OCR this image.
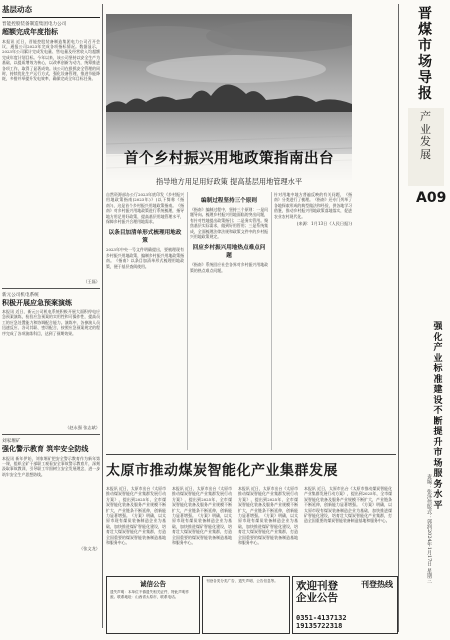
基层动态
晋能控股装备制造集团电力公司
超额完成年度指标

本报讯 近日，晋能控股装备制造集团电力公司召开会议，通报公司2023年完成各项指标情况。数据显示，2023年公司累计完成发电量、售电量及经营收入均超额完成年度计划目标。今年以来，该公司坚持以安全生产为基础，以提质增效为核心，以改革创新为动力，统筹推进各项工作，取得了显著成效。该公司在狠抓安全管理的同时，持续优化生产运行方式，强化设备管理，推进节能降耗，多措并举提升发电效率，确保完成全年目标任务。

（王磊）
新元公司机电系统
积极开展应急预案演练

本报讯 近日，新元公司机电系统积极开展大面积停电应急预案演练，检验应急预案的实用性和可操作性，提高员工的应急处置能力和协调配合能力。演练中，各参演人员迅速反应、各司其职、密切配合，按照应急预案规定的程序完成了各项演练科目，达到了预期效果。

（赵永强 张志斌）
刘家堰矿
强化警示教育 筑牢安全防线

本报讯 新年伊始，刘家堰矿把安全警示教育作为新年第一课，组织全矿干部职工观看安全事故警示教育片，深刻汲取事故教训，引导职工牢固树立安全发展理念，进一步筑牢安全生产思想防线。

（张文龙）
首个乡村振兴用地政策指南出台
指导地方用足用好政策 提高基层用地管理水平

自然资源部办公厅2023年底印发《乡村振兴用地政策指南(2023年)》(以下简称《指南》)，这是首个乡村振兴用地政策指南。《指南》对乡村振兴用地政策进行系统梳理，指导地方用足用好政策，提高基层用地管理水平，保障乡村振兴合理用地需求。

以条目加清单形式梳理用地政策

2023年中央一号文件明确提出，要梳理现有乡村振兴用地政策，编制乡村振兴用地政策指南。《指南》以条目加清单形式梳理用地政策，便于基层查阅使用。

编制过程坚持三个原则

《指南》编制过程中，坚持三个原则：一是问题导向。梳理乡村振兴用地面临的突出问题，有针对性地提出政策指引；二是务实管用。聚焦基层实际需求，做到好用管用；三是系统集成，全面梳理法律法规和政策文件中的乡村振兴用地政策规定。

回应乡村振兴用地热点难点问题

《指南》系统回应社会各界对乡村振兴用地政策的热点难点问题。

针对用地中地方普遍反映的有关问题，《指南》分类进行了梳理。《指南》还专门列举了各地探索形成的典型做法和经验，供各地学习借鉴，推动乡村振兴用地政策落地落实，促进农业农村现代化。

(来源：1月13日《人民日报》)
太原市推动煤炭智能化产业集群发展

本报讯 近日，太原市出台《太原市推动煤炭智能化产业集群发展行动方案》，提出到2025年，全市煤炭智能化装备及服务产业规模不断扩大，产业链条不断延伸，创新能力显著增强。《方案》明确，以太原市现有煤炭装备制造企业为基础，加快推进煤矿智能化建设，培育壮大煤炭智能化产业集群，打造全国重要的煤炭智能装备制造基地和服务中心。

本报讯 近日，太原市出台《太原市推动煤炭智能化产业集群发展行动方案》，提出到2025年，全市煤炭智能化装备及服务产业规模不断扩大，产业链条不断延伸，创新能力显著增强。《方案》明确，以太原市现有煤炭装备制造企业为基础，加快推进煤矿智能化建设，培育壮大煤炭智能化产业集群，打造全国重要的煤炭智能装备制造基地和服务中心。

本报讯 近日，太原市出台《太原市推动煤炭智能化产业集群发展行动方案》，提出到2025年，全市煤炭智能化装备及服务产业规模不断扩大，产业链条不断延伸，创新能力显著增强。《方案》明确，以太原市现有煤炭装备制造企业为基础，加快推进煤矿智能化建设，培育壮大煤炭智能化产业集群，打造全国重要的煤炭智能装备制造基地和服务中心。

本报讯 近日，太原市出台《太原市推动煤炭智能化产业集群发展行动方案》，提出到2025年，全市煤炭智能化装备及服务产业规模不断扩大，产业链条不断延伸，创新能力显著增强。《方案》明确，以太原市现有煤炭装备制造企业为基础，加快推进煤矿智能化建设，培育壮大煤炭智能化产业集群，打造全国重要的煤炭智能装备制造基地和服务中心。

诚信公告
遗失声明：本单位不慎遗失相关证件，特此声明作废。联系地址：山西省太原市，联系电话。
刊登各类分类广告、遗失声明、公告信息等。	欢迎刊登企业公告
刊登热线
0351-4137132
19135722318
晋煤市场导报
产业发展
A09
强化产业标准建设 不断提升市场服务水平
责编：张泽伟
版式：郭润
2024年1月17日 星期三
